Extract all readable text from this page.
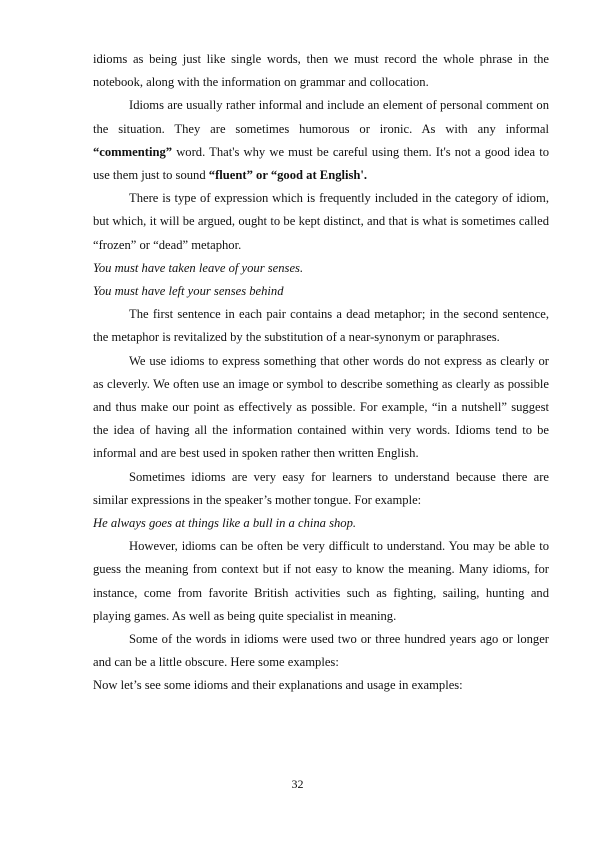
idioms as being just like single words, then we must record the whole phrase in the notebook, along with the information on grammar and collocation.

Idioms are usually rather informal and include an element of personal comment on the situation. They are sometimes humorous or ironic. As with any informal “commenting” word. That's why we must be careful using them. It's not a good idea to use them just to sound “fluent” or “good at English'.

There is type of expression which is frequently included in the category of idiom, but which, it will be argued, ought to be kept distinct, and that is what is sometimes called “frozen” or “dead” metaphor.

You must have taken leave of your senses.

You must have left your senses behind

The first sentence in each pair contains a dead metaphor; in the second sentence, the metaphor is revitalized by the substitution of a near-synonym or paraphrases.

We use idioms to express something that other words do not express as clearly or as cleverly. We often use an image or symbol to describe something as clearly as possible and thus make our point as effectively as possible. For example, “in a nutshell” suggest the idea of having all the information contained within very words. Idioms tend to be informal and are best used in spoken rather then written English.

Sometimes idioms are very easy for learners to understand because there are similar expressions in the speaker’s mother tongue. For example:

He always goes at things like a bull in a china shop.

However, idioms can be often be very difficult to understand. You may be able to guess the meaning from context but if not easy to know the meaning. Many idioms, for instance, come from favorite British activities such as fighting, sailing, hunting and playing games. As well as being quite specialist in meaning.

Some of the words in idioms were used two or three hundred years ago or longer and can be a little obscure. Here some examples:

Now let’s see some idioms and their explanations and usage in examples:

32
